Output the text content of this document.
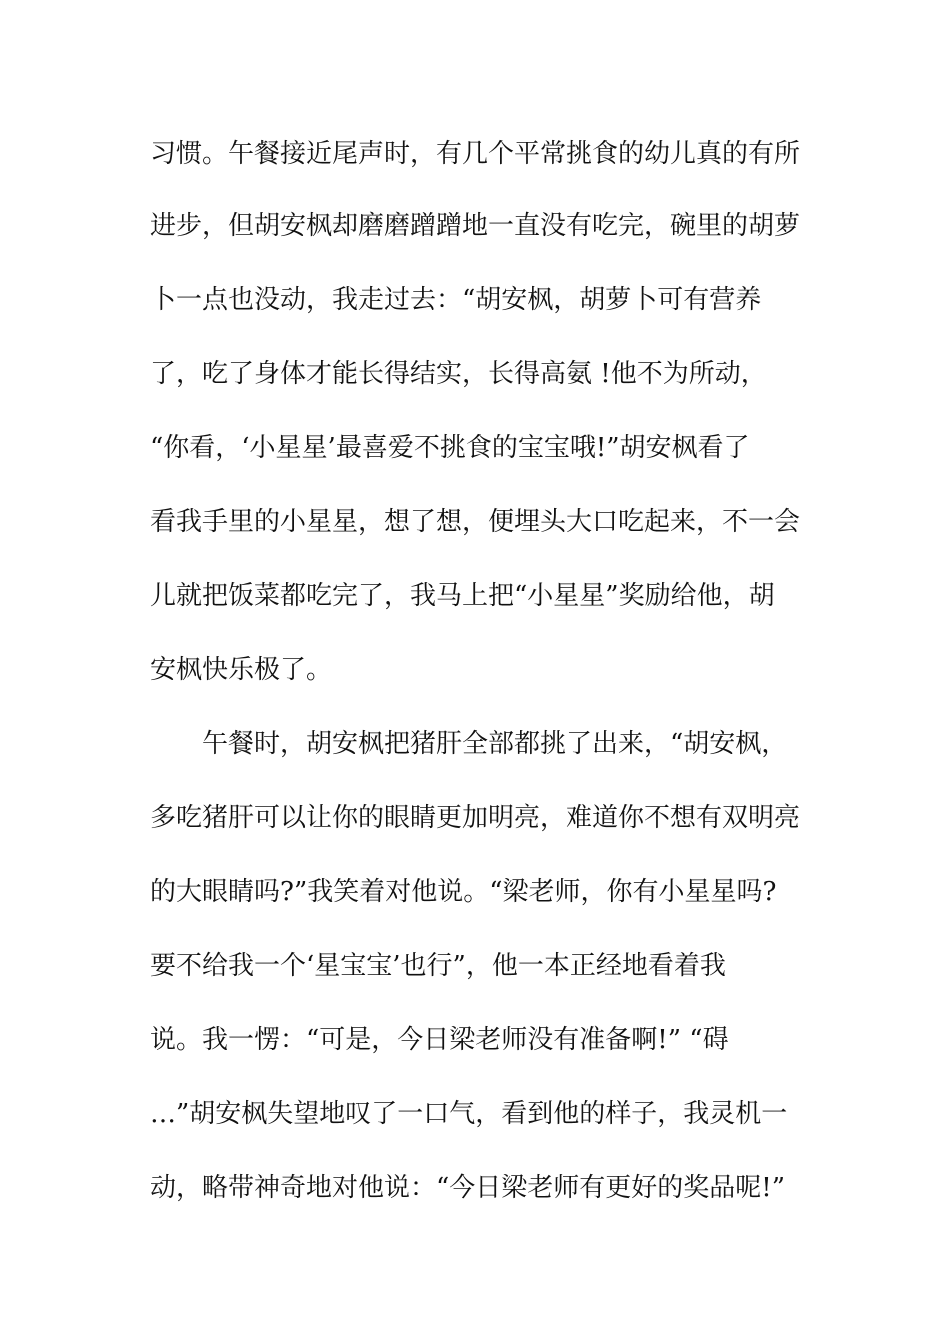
习惯。午餐接近尾声时，有几个平常挑食的幼儿真的有所
进步，但胡安枫却磨磨蹭蹭地一直没有吃完，碗里的胡萝
卜一点也没动，我走过去：“胡安枫，胡萝卜可有营养
了，吃了身体才能长得结实，长得高氨 !他不为所动，
“你看，‘小星星’最喜爱不挑食的宝宝哦!”胡安枫看了
看我手里的小星星，想了想，便埋头大口吃起来，不一会
儿就把饭菜都吃完了，我马上把“小星星”奖励给他，胡
安枫快乐极了。
午餐时，胡安枫把猪肝全部都挑了出来，“胡安枫，
多吃猪肝可以让你的眼睛更加明亮，难道你不想有双明亮
的大眼睛吗?”我笑着对他说。“梁老师，你有小星星吗?
要不给我一个‘星宝宝’也行”，他一本正经地看着我
说。我一愣：“可是，今日梁老师没有准备啊!” “碍
…”胡安枫失望地叹了一口气，看到他的样子，我灵机一
动，略带神奇地对他说：“今日梁老师有更好的奖品呢!”
